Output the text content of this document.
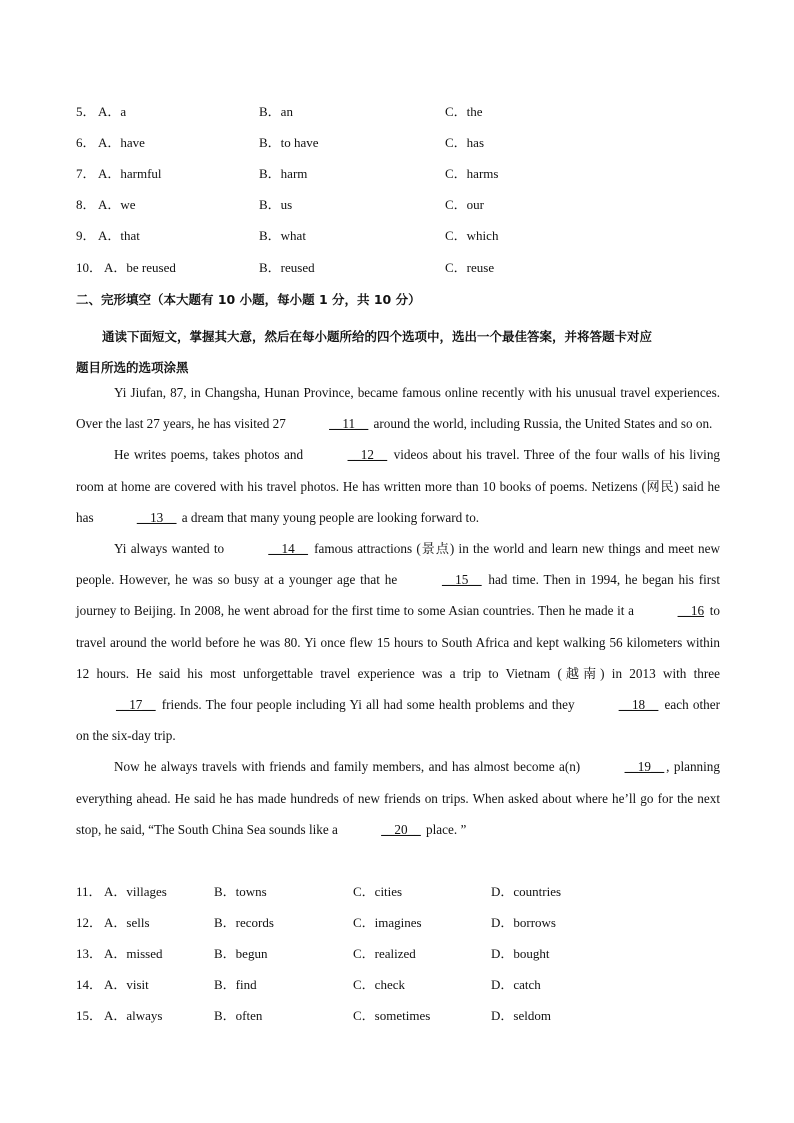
5． A．a	B．an	C．the
6． A．have	B．to have	C．has
7． A．harmful	B．harm	C．harms
8． A．we	B．us	C．our
9． A．that	B．what	C．which
10． A．be reused	B．reused	C．reuse
二、完形填空（本大题有 10 小题，每小题 1 分，共 10 分）
通读下面短文，掌握其大意，然后在每小题所给的四个选项中，选出一个最佳答案，并将答题卡对应
题目所选的选项涂黑

Yi Jiufan, 87, in Changsha, Hunan Province, became famous online recently with his unusual travel experiences. Over the last 27 years, he has visited 27	__11__ around the world, including Russia, the United States and so on.

He writes poems, takes photos and	__12__ videos about his travel. Three of the four walls of his living room at home are covered with his travel photos. He has written more than 10 books of poems. Netizens (网民) said he has	__13__ a dream that many young people are looking forward to.

Yi always wanted to	__14__ famous attractions (景点) in the world and learn new things and meet new people. However, he was so busy at a younger age that he	__15__ had time. Then in 1994, he began his first journey to Beijing. In 2008, he went abroad for the first time to some Asian countries. Then he made it a	__16 to travel around the world before he was 80. Yi once flew 15 hours to South Africa and kept walking 56 kilometers within 12 hours. He said his most unforgettable travel experience was a trip to Vietnam (越南) in 2013 with three __17__ friends. The four people including Yi all had some health problems and they	__18__ each other on the six-day trip.

Now he always travels with friends and family members, and has almost become a(n)	__19__ , planning everything ahead. He said he has made hundreds of new friends on trips. When asked about where he’ll go for the next stop, he said, “The South China Sea sounds like a	__20__ place. ”

11． A．villages	B．towns	C．cities	D．countries
12． A．sells	B．records	C．imagines	D．borrows
13． A．missed	B．begun	C．realized	D．bought
14． A．visit	B．find	C．check	D．catch
15． A．always	B．often	C．sometimes	D．seldom
